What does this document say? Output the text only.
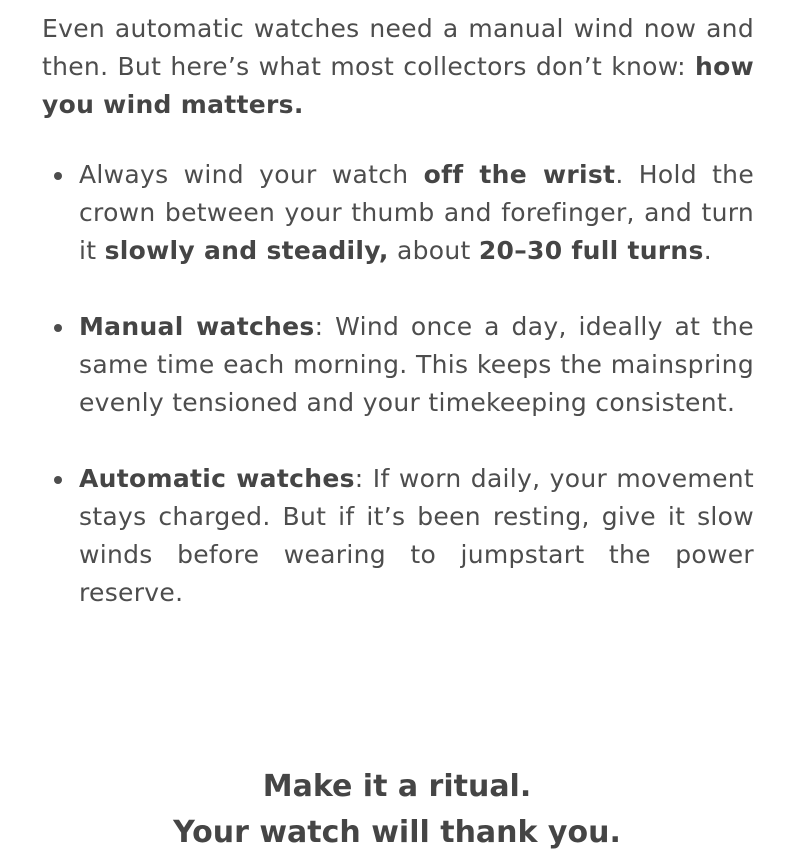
Even automatic watches need a manual wind now and then. But here’s what most collectors don’t know: how you wind matters.

Always wind your watch off the wrist. Hold the crown between your thumb and forefinger, and turn it slowly and steadily, about 20–30 full turns.
Manual watches: Wind once a day, ideally at the same time each morning. This keeps the mainspring evenly tensioned and your timekeeping consistent.
Automatic watches: If worn daily, your movement stays charged. But if it’s been resting, give it slow winds before wearing to jumpstart the power reserve.
Make it a ritual.
Your watch will thank you.
